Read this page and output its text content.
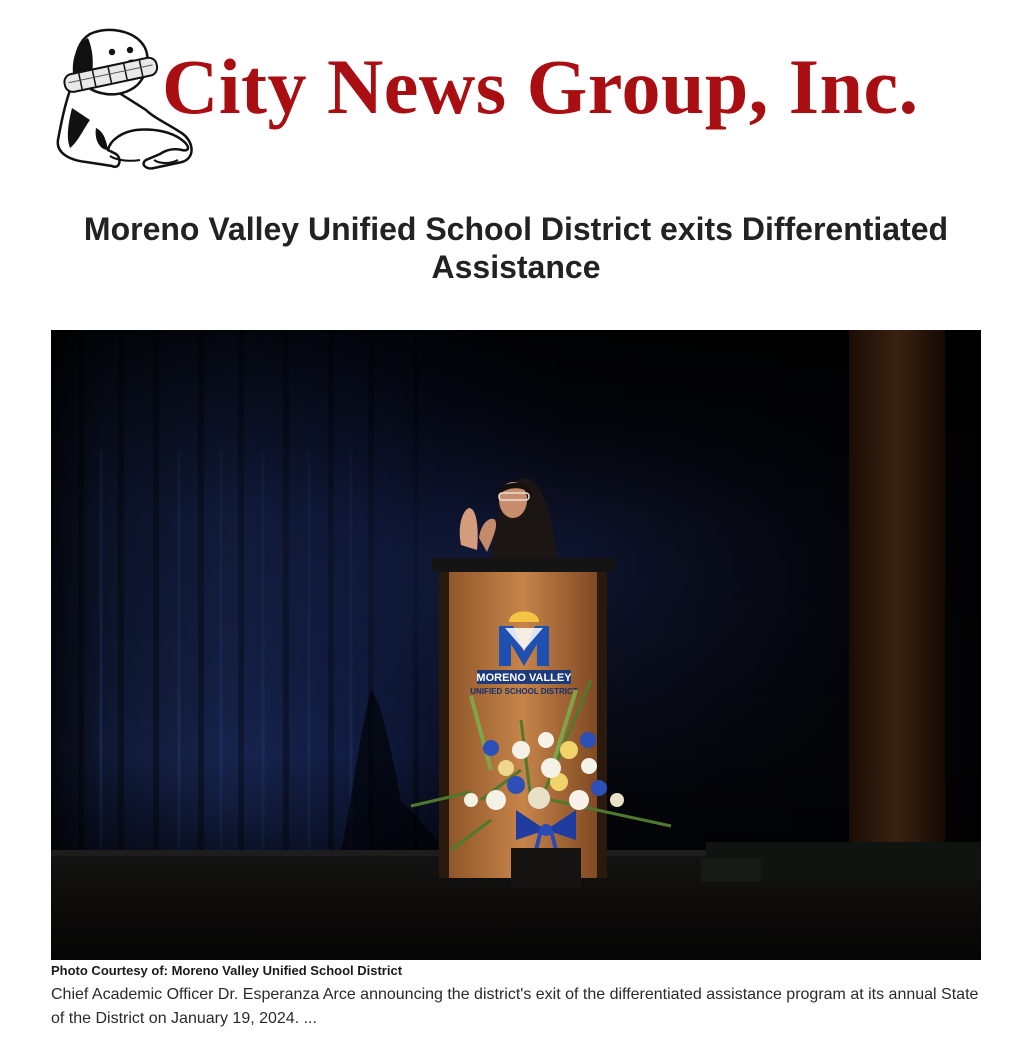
City News Group, Inc.
Moreno Valley Unified School District exits Differentiated Assistance
MORENO VALLEY
UNIFIED SCHOOL DISTRICT
Photo Courtesy of: Moreno Valley Unified School District
Chief Academic Officer Dr. Esperanza Arce announcing the district's exit of the differentiated assistance program at its annual State of the District on January 19, 2024. ...
